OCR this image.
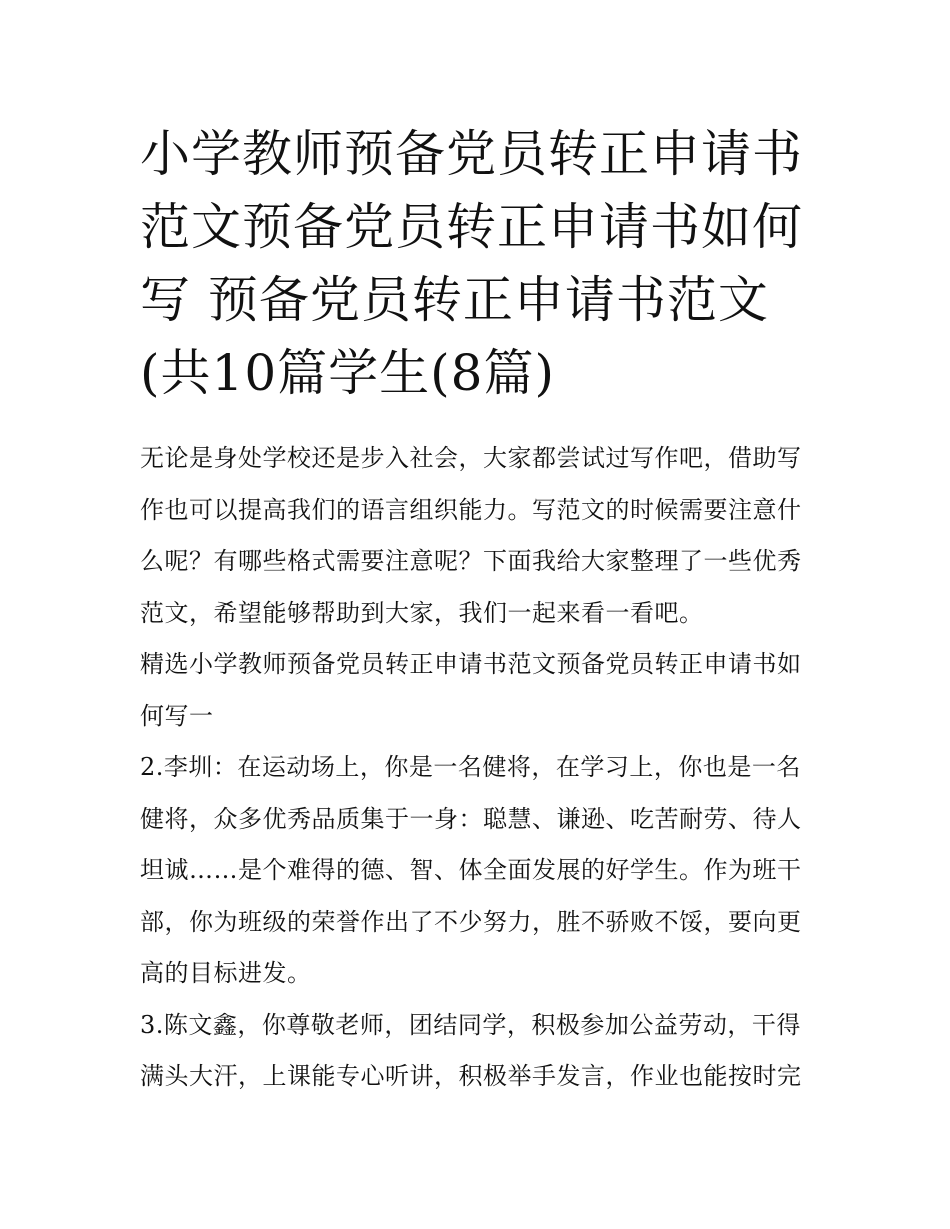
小学教师预备党员转正申请书
范文预备党员转正申请书如何
写 预备党员转正申请书范文
(共10篇学生(8篇)

无论是身处学校还是步入社会，大家都尝试过写作吧，借助写
作也可以提高我们的语言组织能力。写范文的时候需要注意什
么呢？有哪些格式需要注意呢？下面我给大家整理了一些优秀
范文，希望能够帮助到大家，我们一起来看一看吧。

精选小学教师预备党员转正申请书范文预备党员转正申请书如
何写一

2.李圳：在运动场上，你是一名健将，在学习上，你也是一名
健将，众多优秀品质集于一身：聪慧、谦逊、吃苦耐劳、待人
坦诚……是个难得的德、智、体全面发展的好学生。作为班干
部，你为班级的荣誉作出了不少努力，胜不骄败不馁，要向更
高的目标进发。

3.陈文鑫，你尊敬老师，团结同学，积极参加公益劳动，干得
满头大汗，上课能专心听讲，积极举手发言，作业也能按时完
